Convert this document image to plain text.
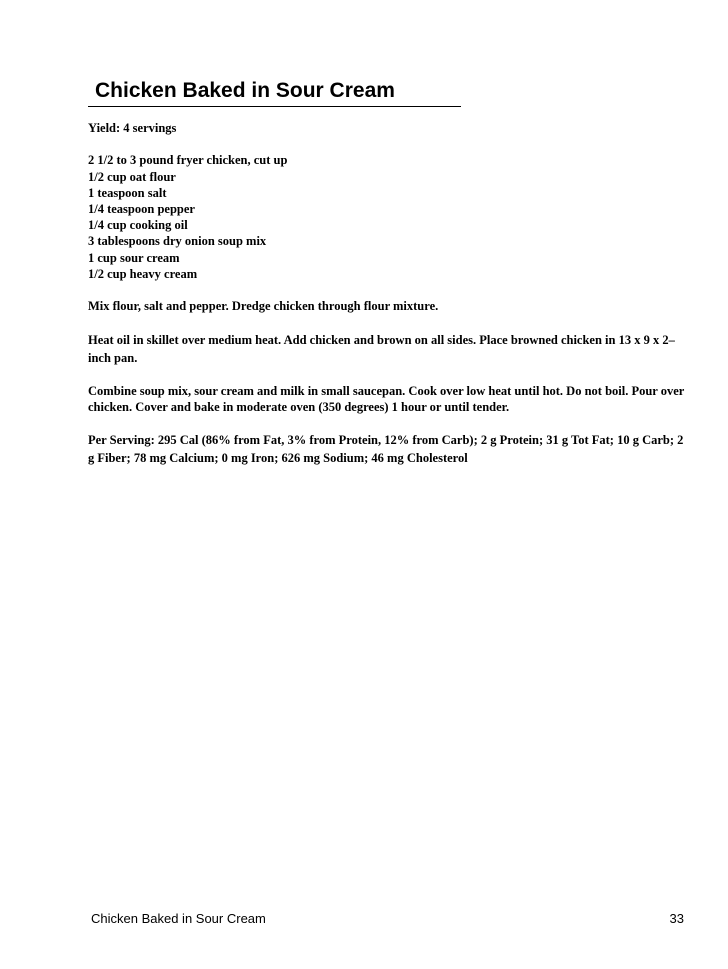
Chicken Baked in Sour Cream

Yield: 4 servings

2 1/2 to 3 pound fryer chicken, cut up
1/2 cup oat flour
1 teaspoon salt
1/4 teaspoon pepper
1/4 cup cooking oil
3 tablespoons dry onion soup mix
1 cup sour cream
1/2 cup heavy cream

Mix flour, salt and pepper. Dredge chicken through flour mixture.

Heat oil in skillet over medium heat. Add chicken and brown on all sides. Place browned chicken in 13 x 9 x 2–inch pan.

Combine soup mix, sour cream and milk in small saucepan. Cook over low heat until hot. Do not boil. Pour over chicken. Cover and bake in moderate oven (350 degrees) 1 hour or until tender.

Per Serving: 295 Cal (86% from Fat, 3% from Protein, 12% from Carb); 2 g Protein; 31 g Tot Fat; 10 g Carb; 2 g Fiber; 78 mg Calcium; 0 mg Iron; 626 mg Sodium; 46 mg Cholesterol

Chicken Baked in Sour Cream	33
